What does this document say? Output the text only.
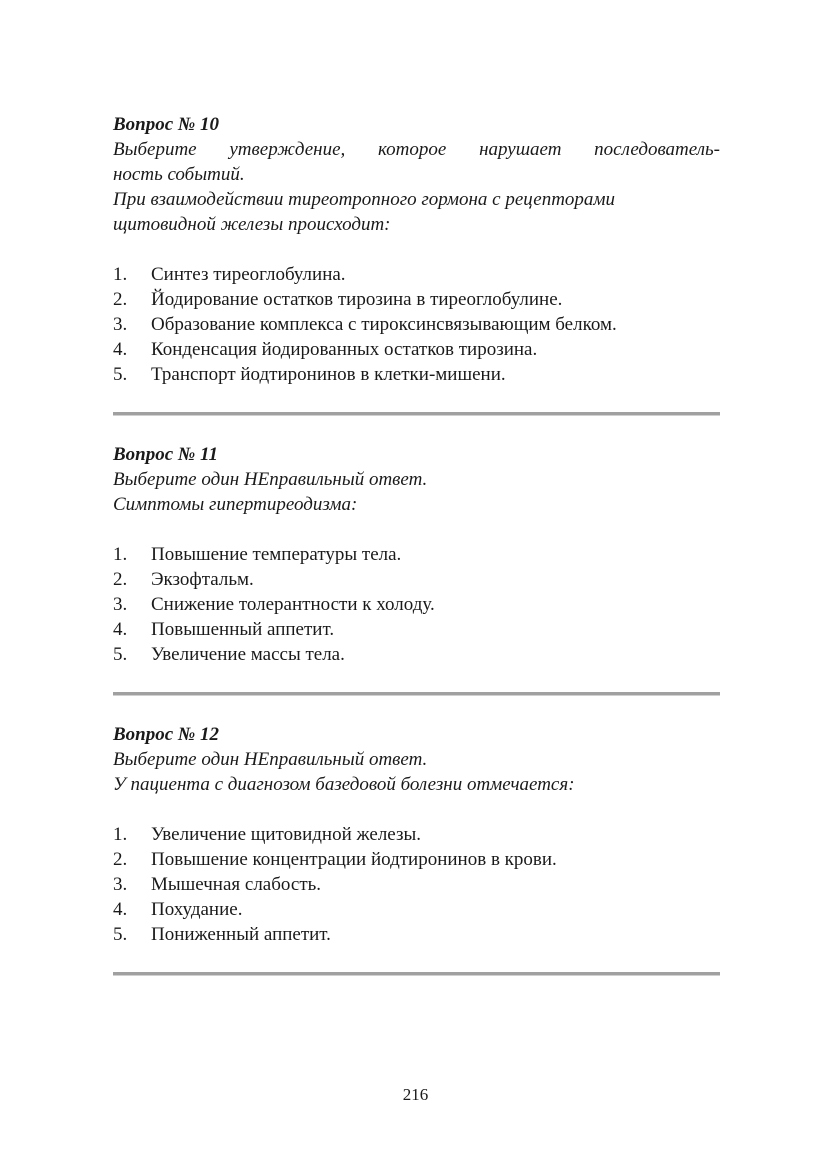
Вопрос № 10

Выберите утверждение, которое нарушает последователь-

ность событий.

При взаимодействии тиреотропного гормона с рецепторами

щитовидной железы происходит:

1.	Синтез тиреоглобулина.
2.	Йодирование остатков тирозина в тиреоглобулине.
3.	Образование комплекса с тироксинсвязывающим белком.
4.	Конденсация йодированных остатков тирозина.
5.	Транспорт йодтиронинов в клетки-мишени.

Вопрос № 11

Выберите один НЕправильный ответ.

Симптомы гипертиреодизма:

1.	Повышение температуры тела.
2.	Экзофтальм.
3.	Снижение толерантности к холоду.
4.	Повышенный аппетит.
5.	Увеличение массы тела.

Вопрос № 12

Выберите один НЕправильный ответ.

У пациента с диагнозом базедовой болезни отмечается:

1.	Увеличение щитовидной железы.
2.	Повышение концентрации йодтиронинов в крови.
3.	Мышечная слабость.
4.	Похудание.
5.	Пониженный аппетит.
216
